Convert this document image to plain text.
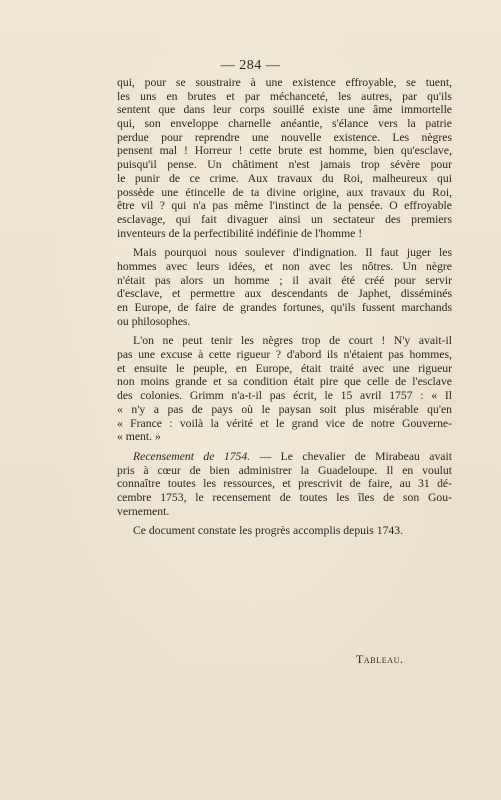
— 284 —
qui, pour se soustraire à une existence effroyable, se tuent,
les uns en brutes et par méchanceté, les autres, par qu'ils
sentent que dans leur corps souillé existe une âme immortelle
qui, son enveloppe charnelle anéantie, s'élance vers la patrie
perdue pour reprendre une nouvelle existence. Les nègres
pensent mal ! Horreur ! cette brute est homme, bien qu'esclave,
puisqu'il pense. Un châtiment n'est jamais trop sévère pour
le punir de ce crime. Aux travaux du Roi, malheureux qui
possède une étincelle de ta divine origine, aux travaux du Roi,
être vil ? qui n'a pas même l'instinct de la pensée. O effroyable
esclavage, qui fait divaguer ainsi un sectateur des premiers
inventeurs de la perfectibilité indéfinie de l'homme !
Mais pourquoi nous soulever d'indignation. Il faut juger les
hommes avec leurs idées, et non avec les nôtres. Un nègre
n'était pas alors un homme ; il avait été créé pour servir
d'esclave, et permettre aux descendants de Japhet, disséminés
en Europe, de faire de grandes fortunes, qu'ils fussent marchands
ou philosophes.
L'on ne peut tenir les nègres trop de court ! N'y avait-il
pas une excuse à cette rigueur ? d'abord ils n'étaient pas hommes,
et ensuite le peuple, en Europe, était traité avec une rigueur
non moins grande et sa condition était pire que celle de l'esclave
des colonies. Grimm n'a-t-il pas écrit, le 15 avril 1757 : « Il
« n'y a pas de pays où le paysan soit plus misérable qu'en
« France : voilà la vérité et le grand vice de notre Gouverne-
« ment. »
Recensement de 1754. — Le chevalier de Mirabeau avait
pris à cœur de bien administrer la Guadeloupe. Il en voulut
connaître toutes les ressources, et prescrivit de faire, au 31 dé-
cembre 1753, le recensement de toutes les îles de son Gou-
vernement.
Ce document constate les progrès accomplis depuis 1743.
Tableau.
